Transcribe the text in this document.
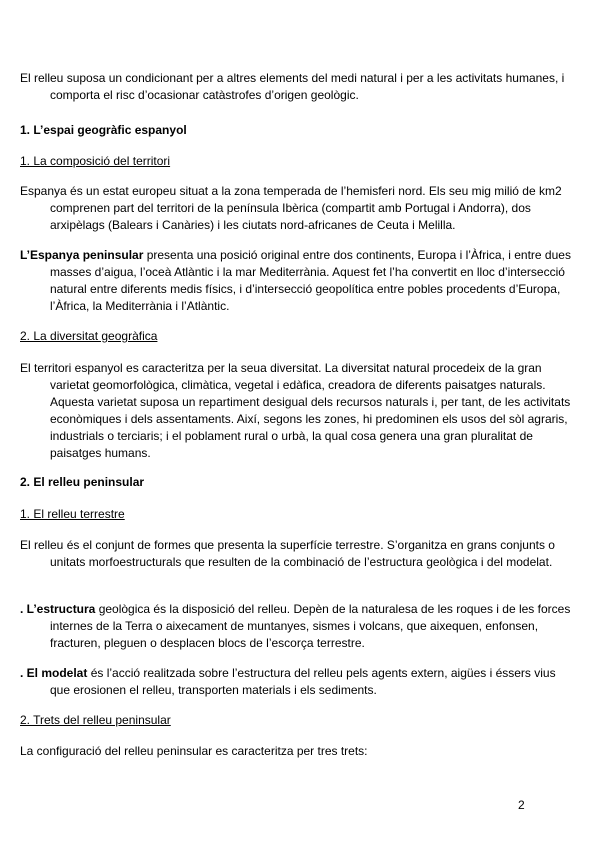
El relleu suposa un condicionant per a altres elements del medi natural i per a les activitats humanes, i comporta el risc d’ocasionar catàstrofes d’origen geològic.

1. L’espai geogràfic espanyol

1. La composició del territori

Espanya és un estat europeu situat a la zona temperada de l’hemisferi nord. Els seu mig milió de km2 comprenen part del territori de la península Ibèrica (compartit amb Portugal i Andorra), dos arxipèlags (Balears i Canàries) i les ciutats nord-africanes de Ceuta i Melilla.

L’Espanya peninsular presenta una posició original entre dos continents, Europa i l’Àfrica, i entre dues masses d’aigua, l’oceà Atlàntic i la mar Mediterrània. Aquest fet l’ha convertit en lloc d’intersecció natural entre diferents medis físics, i d’intersecció geopolítica entre pobles procedents d’Europa, l’Àfrica, la Mediterrània i l’Atlàntic.

2. La diversitat geogràfica

El territori espanyol es caracteritza per la seua diversitat. La diversitat natural procedeix de la gran varietat geomorfològica, climàtica, vegetal i edàfica, creadora de diferents paisatges naturals. Aquesta varietat suposa un repartiment desigual dels recursos naturals i, per tant, de les activitats econòmiques i dels assentaments. Així, segons les zones, hi predominen els usos del sòl agraris, industrials o terciaris; i el poblament rural o urbà, la qual cosa genera una gran pluralitat de paisatges humans.

2. El relleu peninsular

1. El relleu terrestre

El relleu és el conjunt de formes que presenta la superfície terrestre. S’organitza en grans conjunts o unitats morfoestructurals que resulten de la combinació de l’estructura geològica i del modelat.

. L’estructura geològica és la disposició del relleu. Depèn de la naturalesa de les roques i de les forces internes de la Terra o aixecament de muntanyes, sismes i volcans, que aixequen, enfonsen, fracturen, pleguen o desplacen blocs de l’escorça terrestre.

. El modelat és l’acció realitzada sobre l’estructura del relleu pels agents extern, aigües i éssers vius que erosionen el relleu, transporten materials i els sediments.

2. Trets del relleu peninsular

La configuració del relleu peninsular es caracteritza per tres trets:

2
